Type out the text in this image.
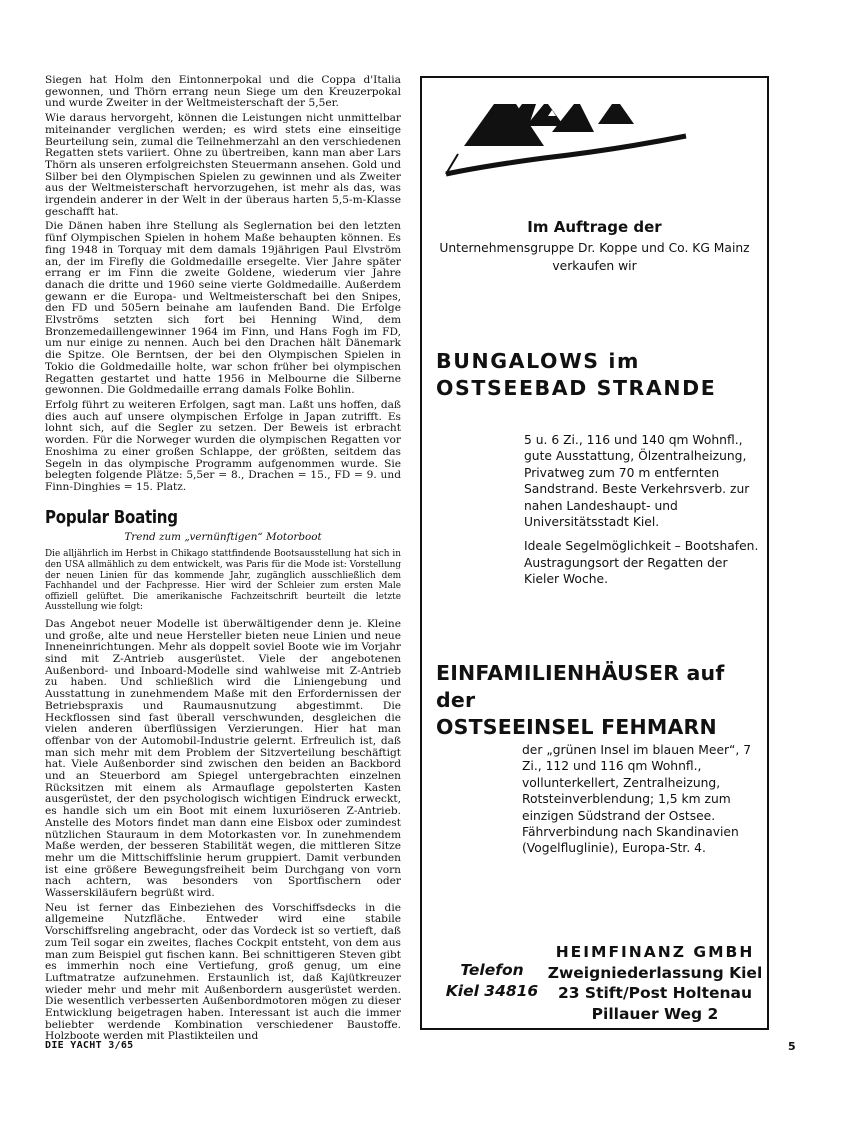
Siegen hat Holm den Eintonnerpokal und die Coppa d'Italia gewonnen, und Thörn errang neun Siege um den Kreuzerpokal und wurde Zweiter in der Weltmeisterschaft der 5,5er.

Wie daraus hervorgeht, können die Leistungen nicht unmittelbar miteinander verglichen werden; es wird stets eine einseitige Beurteilung sein, zumal die Teilnehmerzahl an den verschiedenen Regatten stets variiert. Ohne zu übertreiben, kann man aber Lars Thörn als unseren erfolgreichsten Steuermann ansehen. Gold und Silber bei den Olympischen Spielen zu gewinnen und als Zweiter aus der Weltmeisterschaft hervorzugehen, ist mehr als das, was irgendein anderer in der Welt in der überaus harten 5,5-m-Klasse geschafft hat.

Die Dänen haben ihre Stellung als Seglernation bei den letzten fünf Olympischen Spielen in hohem Maße behaupten können. Es fing 1948 in Torquay mit dem damals 19jährigen Paul Elvström an, der im Firefly die Goldmedaille ersegelte. Vier Jahre später errang er im Finn die zweite Goldene, wiederum vier Jahre danach die dritte und 1960 seine vierte Goldmedaille. Außerdem gewann er die Europa- und Weltmeisterschaft bei den Snipes, den FD und 505ern beinahe am laufenden Band. Die Erfolge Elvströms setzten sich fort bei Henning Wind, dem Bronzemedaillengewinner 1964 im Finn, und Hans Fogh im FD, um nur einige zu nennen. Auch bei den Drachen hält Dänemark die Spitze. Ole Berntsen, der bei den Olympischen Spielen in Tokio die Goldmedaille holte, war schon früher bei olympischen Regatten gestartet und hatte 1956 in Melbourne die Silberne gewonnen. Die Goldmedaille errang damals Folke Bohlin.

Erfolg führt zu weiteren Erfolgen, sagt man. Laßt uns hoffen, daß dies auch auf unsere olympischen Erfolge in Japan zutrifft. Es lohnt sich, auf die Segler zu setzen. Der Beweis ist erbracht worden. Für die Norweger wurden die olympischen Regatten vor Enoshima zu einer großen Schlappe, der größten, seitdem das Segeln in das olympische Programm aufgenommen wurde. Sie belegten folgende Plätze: 5,5er = 8., Drachen = 15., FD = 9. und Finn-Dinghies = 15. Platz.

Popular Boating
Trend zum „vernünftigen“ Motorboot

Die alljährlich im Herbst in Chikago stattfindende Bootsausstellung hat sich in den USA allmählich zu dem entwickelt, was Paris für die Mode ist: Vorstellung der neuen Linien für das kommende Jahr, zugänglich ausschließlich dem Fachhandel und der Fachpresse. Hier wird der Schleier zum ersten Male offiziell gelüftet. Die amerikanische Fachzeitschrift beurteilt die letzte Ausstellung wie folgt:

Das Angebot neuer Modelle ist überwältigender denn je. Kleine und große, alte und neue Hersteller bieten neue Linien und neue Inneneinrichtungen. Mehr als doppelt soviel Boote wie im Vorjahr sind mit Z-Antrieb ausgerüstet. Viele der angebotenen Außenbord- und Inboard-Modelle sind wahlweise mit Z-Antrieb zu haben. Und schließlich wird die Liniengebung und Ausstattung in zunehmendem Maße mit den Erfordernissen der Betriebspraxis und Raumausnutzung abgestimmt. Die Heckflossen sind fast überall verschwunden, desgleichen die vielen anderen überflüssigen Verzierungen. Hier hat man offenbar von der Automobil-Industrie gelernt. Erfreulich ist, daß man sich mehr mit dem Problem der Sitzverteilung beschäftigt hat. Viele Außenborder sind zwischen den beiden an Backbord und an Steuerbord am Spiegel untergebrachten einzelnen Rücksitzen mit einem als Armauflage gepolsterten Kasten ausgerüstet, der den psychologisch wichtigen Eindruck erweckt, es handle sich um ein Boot mit einem luxuriöseren Z-Antrieb. Anstelle des Motors findet man dann eine Eisbox oder zumindest nützlichen Stauraum in dem Motorkasten vor. In zunehmendem Maße werden, der besseren Stabilität wegen, die mittleren Sitze mehr um die Mittschiffslinie herum gruppiert. Damit verbunden ist eine größere Bewegungsfreiheit beim Durchgang von vorn nach achtern, was besonders von Sportfischern oder Wasserskiläufern begrüßt wird.

Neu ist ferner das Einbeziehen des Vorschiffsdecks in die allgemeine Nutzfläche. Entweder wird eine stabile Vorschiffsreling angebracht, oder das Vordeck ist so vertieft, daß zum Teil sogar ein zweites, flaches Cockpit entsteht, von dem aus man zum Beispiel gut fischen kann. Bei schnittigeren Steven gibt es immerhin noch eine Vertiefung, groß genug, um eine Luftmatratze aufzunehmen. Erstaunlich ist, daß Kajütkreuzer wieder mehr und mehr mit Außenbordern ausgerüstet werden. Die wesentlich verbesserten Außenbordmotoren mögen zu dieser Entwicklung beigetragen haben. Interessant ist auch die immer beliebter werdende Kombination verschiedener Baustoffe. Holzboote werden mit Plastikteilen und

DIE YACHT 3/65	5
Im Auftrage der
Unternehmensgruppe Dr. Koppe und Co. KG Mainz
verkaufen wir
BUNGALOWS im
OSTSEEBAD STRANDE

5 u. 6 Zi., 116 und 140 qm Wohnfl., gute Ausstattung, Ölzentralheizung, Privatweg zum 70 m entfernten Sandstrand. Beste Verkehrsverb. zur nahen Landeshaupt- und Universitätsstadt Kiel.

Ideale Segelmöglichkeit – Bootshafen. Austragungsort der Regatten der Kieler Woche.

EINFAMILIENHÄUSER auf der
OSTSEEINSEL FEHMARN

der „grünen Insel im blauen Meer“, 7 Zi., 112 und 116 qm Wohnfl., vollunterkellert, Zentralheizung, Rotsteinverblendung; 1,5 km zum einzigen Südstrand der Ostsee. Fährverbindung nach Skandinavien (Vogelfluglinie), Europa-Str. 4.

Telefon
Kiel 34816
HEIMFINANZ GMBH
Zweigniederlassung Kiel
23 Stift/Post Holtenau
Pillauer Weg 2
